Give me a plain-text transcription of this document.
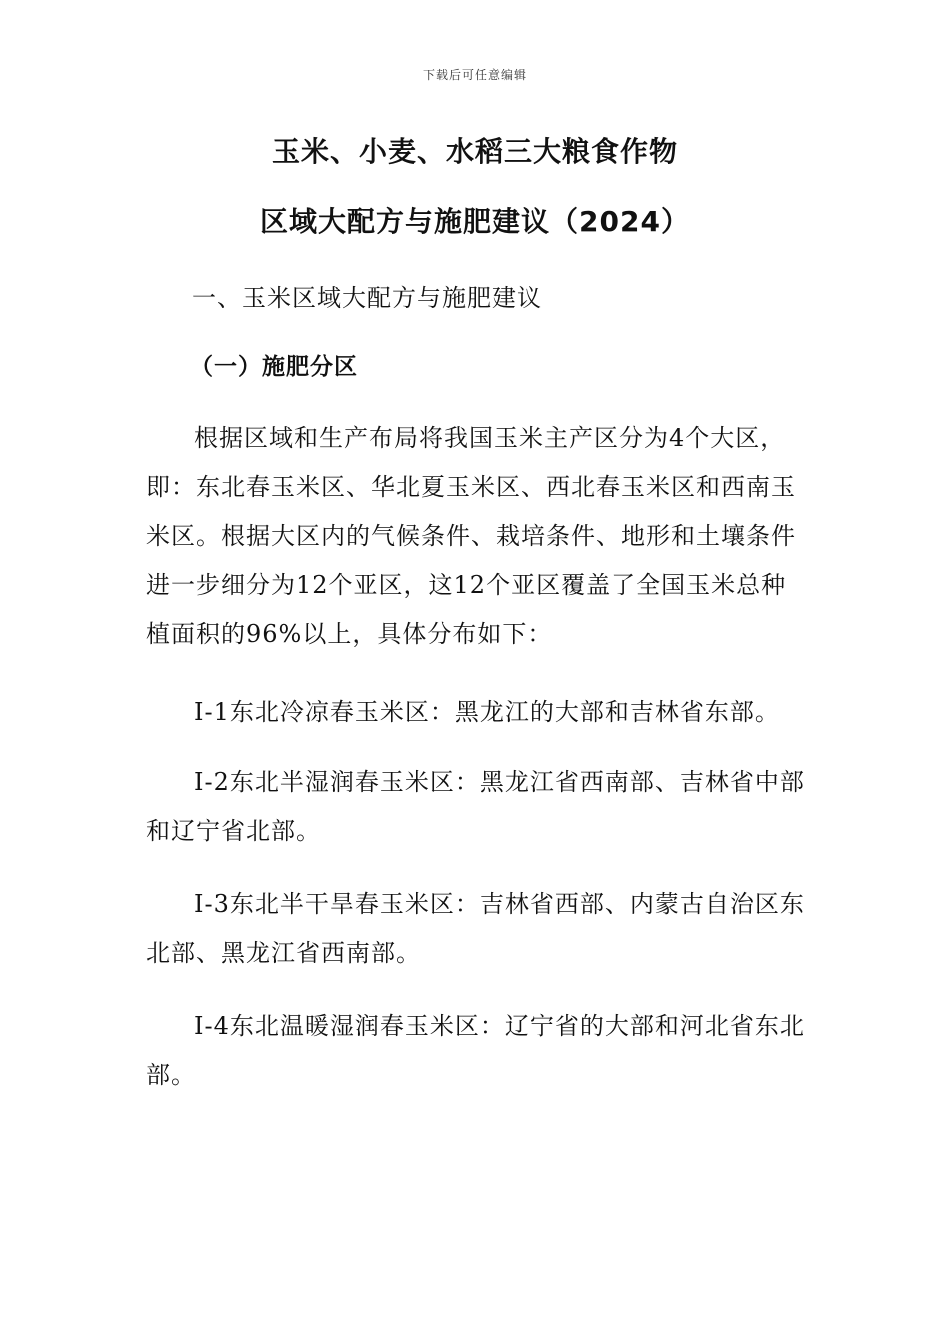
下载后可任意编辑
玉米、小麦、水稻三大粮食作物
区域大配方与施肥建议（2024）
一、玉米区域大配方与施肥建议
（一）施肥分区

根据区域和生产布局将我国玉米主产区分为4个大区，即：东北春玉米区、华北夏玉米区、西北春玉米区和西南玉米区。根据大区内的气候条件、栽培条件、地形和土壤条件进一步细分为12个亚区，这12个亚区覆盖了全国玉米总种植面积的96%以上，具体分布如下：

Ⅰ-1东北冷凉春玉米区：黑龙江的大部和吉林省东部。

Ⅰ-2东北半湿润春玉米区：黑龙江省西南部、吉林省中部和辽宁省北部。

Ⅰ-3东北半干旱春玉米区：吉林省西部、内蒙古自治区东北部、黑龙江省西南部。

Ⅰ-4东北温暖湿润春玉米区：辽宁省的大部和河北省东北部。
